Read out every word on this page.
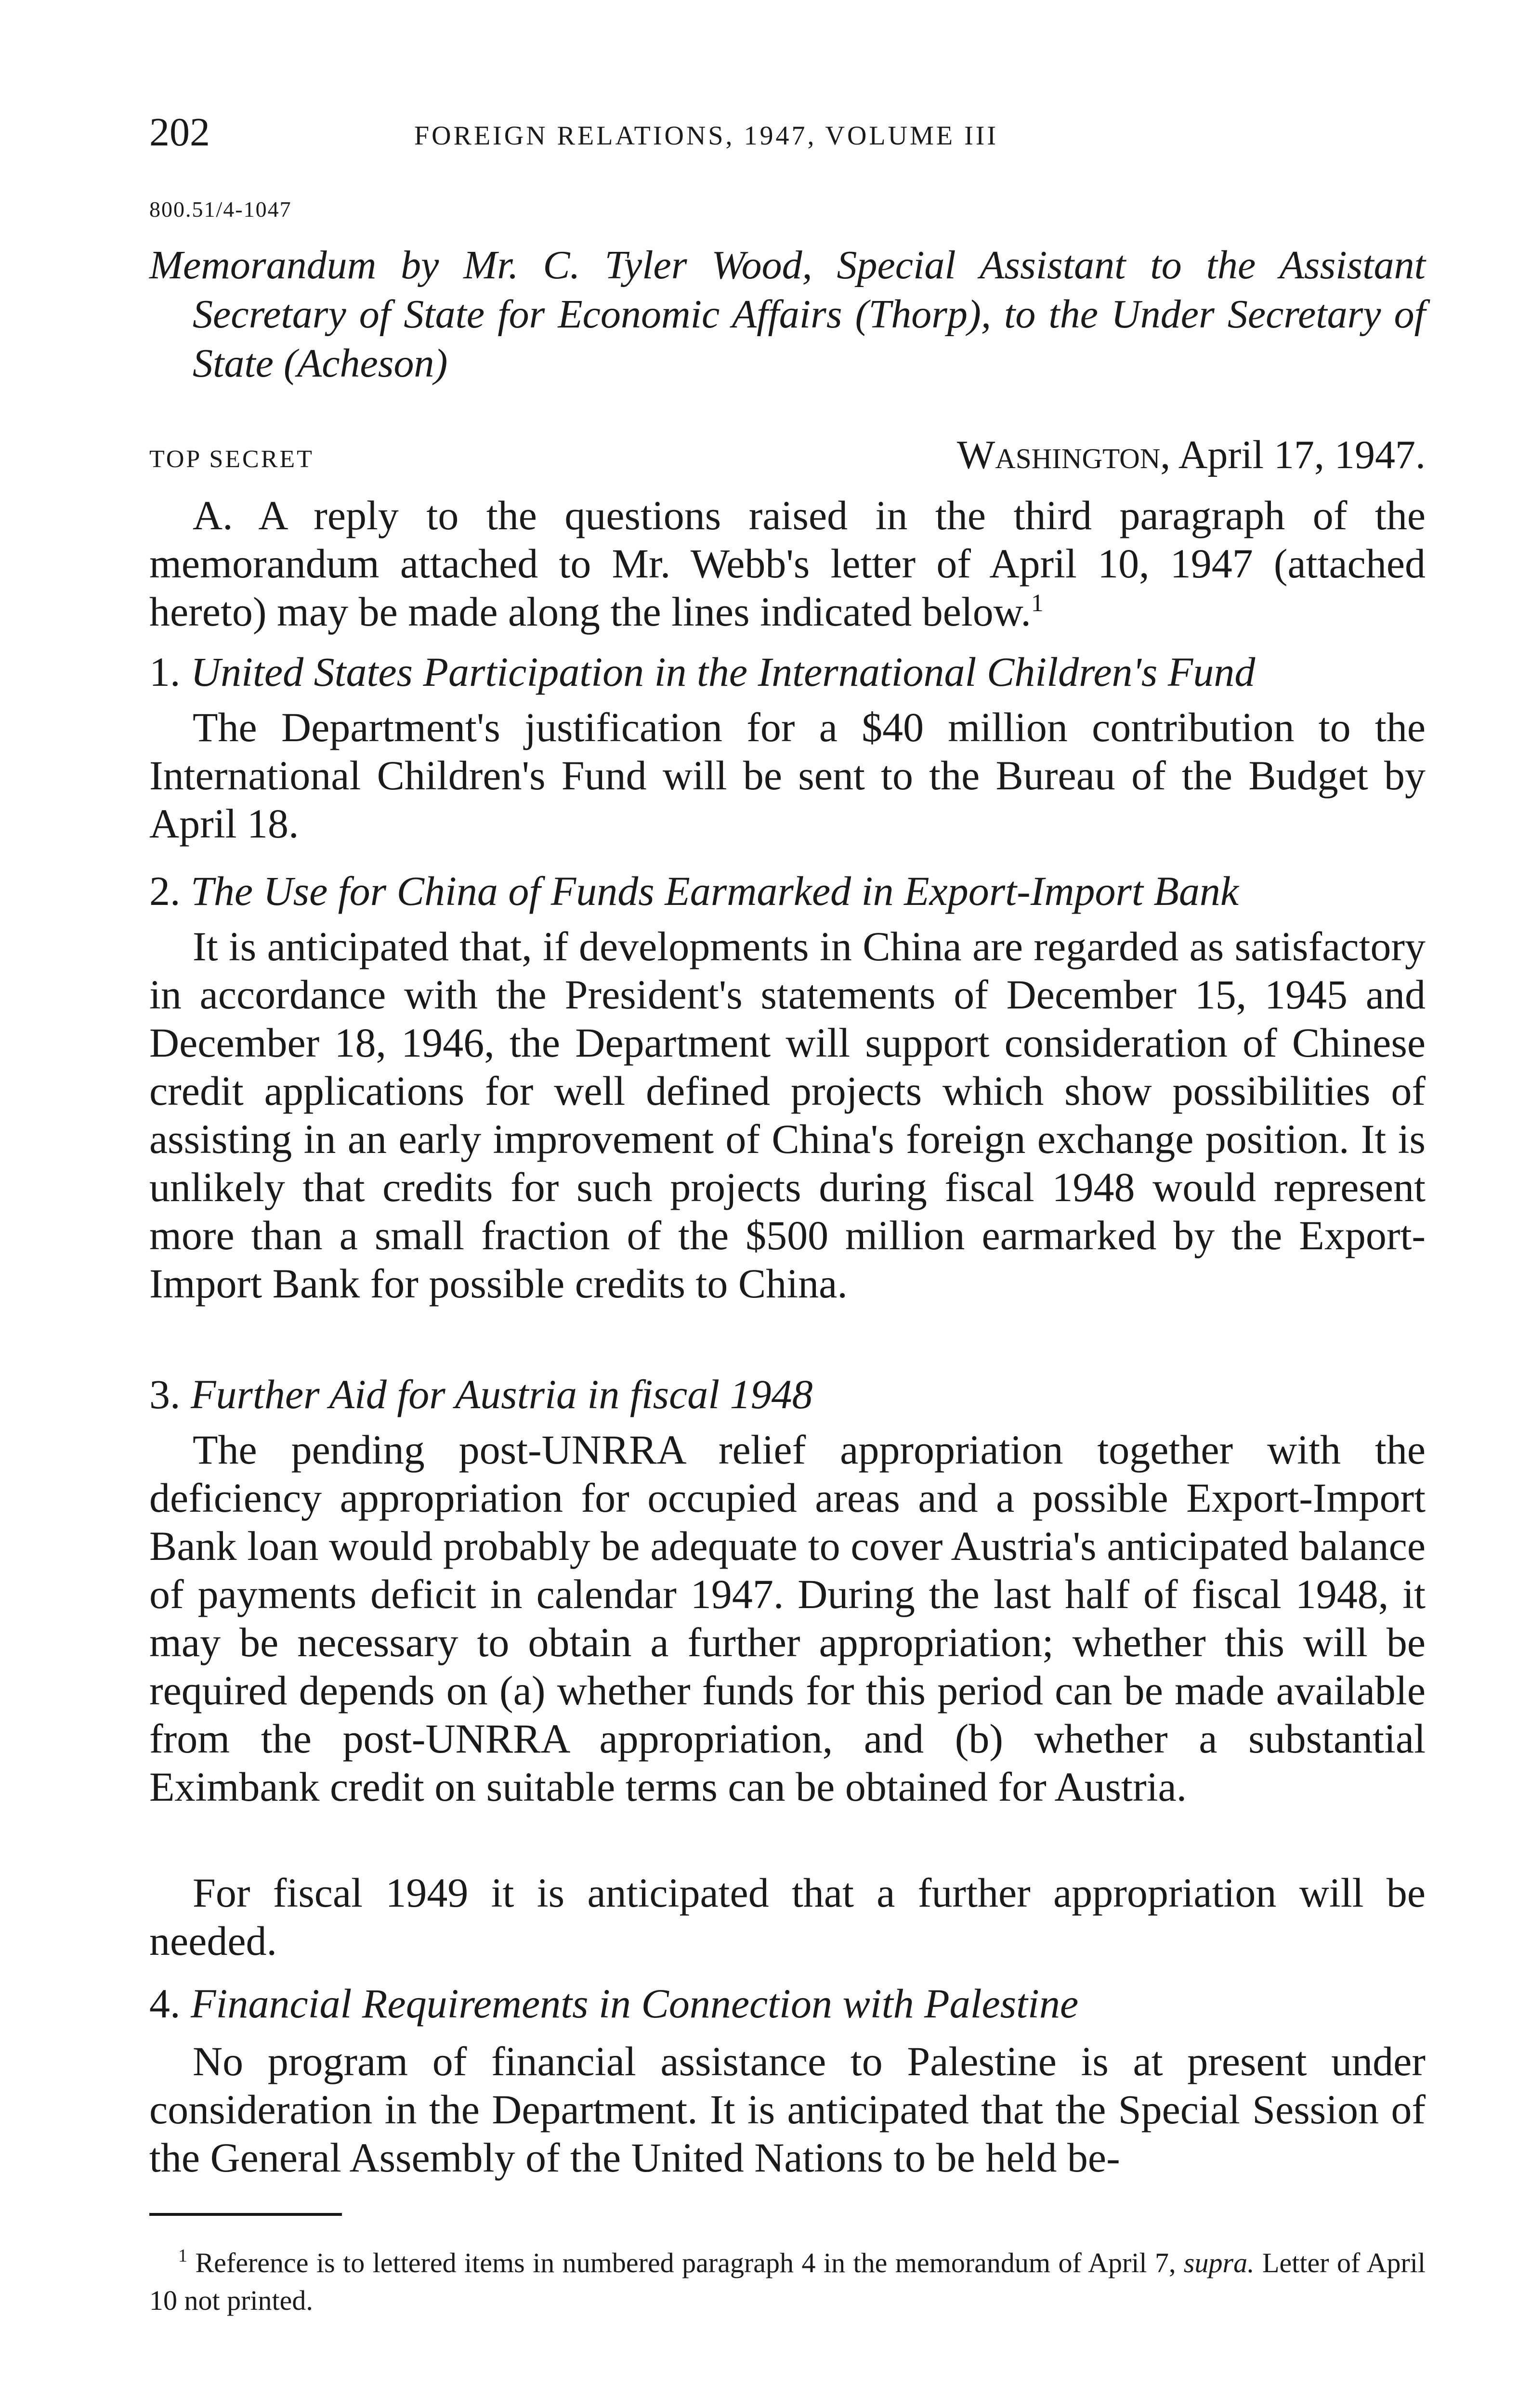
202	FOREIGN RELATIONS, 1947, VOLUME III
800.51/4-1047
Memorandum by Mr. C. Tyler Wood, Special Assistant to the Assistant Secretary of State for Economic Affairs (Thorp), to the Under Secretary of State (Acheson)
TOP SECRET	Washington, April 17, 1947.
A. A reply to the questions raised in the third paragraph of the memorandum attached to Mr. Webb's letter of April 10, 1947 (attached hereto) may be made along the lines indicated below.$^1$
1. United States Participation in the International Children's Fund
The Department's justification for a $40 million contribution to the International Children's Fund will be sent to the Bureau of the Budget by April 18.
2. The Use for China of Funds Earmarked in Export-Import Bank
It is anticipated that, if developments in China are regarded as satisfactory in accordance with the President's statements of December 15, 1945 and December 18, 1946, the Department will support consideration of Chinese credit applications for well defined projects which show possibilities of assisting in an early improvement of China's foreign exchange position. It is unlikely that credits for such projects during fiscal 1948 would represent more than a small fraction of the $500 million earmarked by the Export-Import Bank for possible credits to China.
3. Further Aid for Austria in fiscal 1948
The pending post-UNRRA relief appropriation together with the deficiency appropriation for occupied areas and a possible Export-Import Bank loan would probably be adequate to cover Austria's anticipated balance of payments deficit in calendar 1947. During the last half of fiscal 1948, it may be necessary to obtain a further appropriation; whether this will be required depends on (a) whether funds for this period can be made available from the post-UNRRA appropriation, and (b) whether a substantial Eximbank credit on suitable terms can be obtained for Austria.
For fiscal 1949 it is anticipated that a further appropriation will be needed.
4. Financial Requirements in Connection with Palestine
No program of financial assistance to Palestine is at present under consideration in the Department. It is anticipated that the Special Session of the General Assembly of the United Nations to be held be-
$^1$ Reference is to lettered items in numbered paragraph 4 in the memorandum of April 7, supra. Letter of April 10 not printed.
